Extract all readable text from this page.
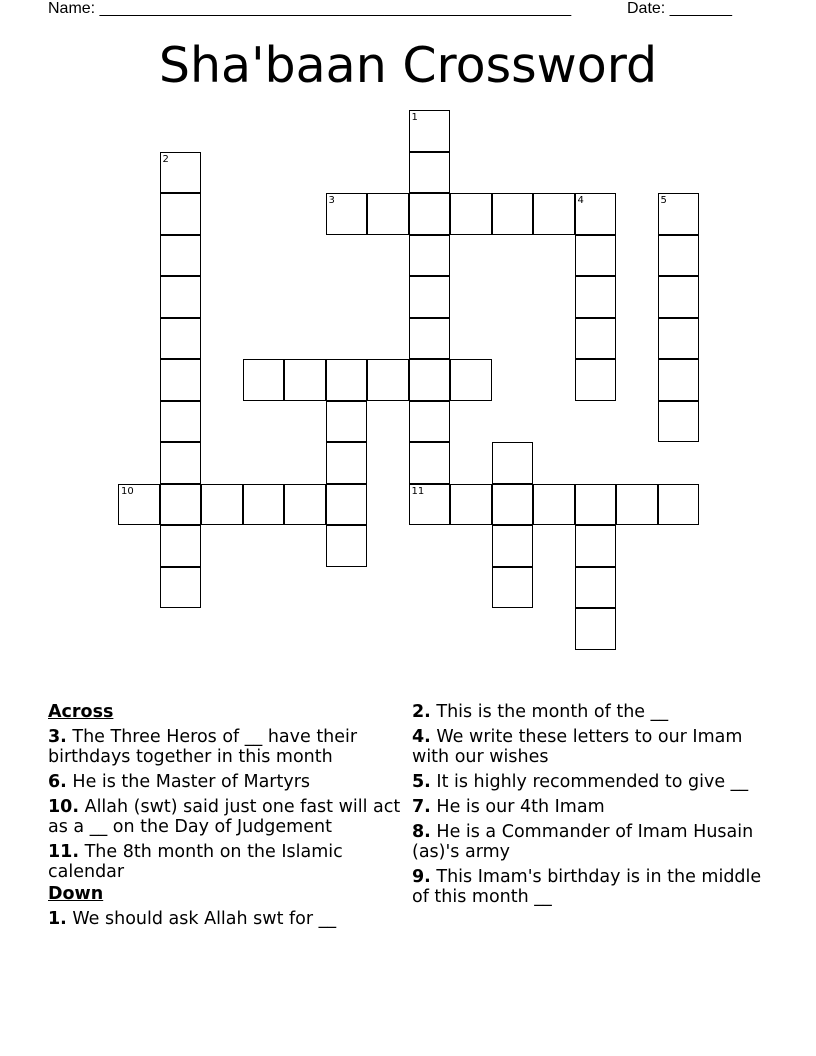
Name: _____________________________________________________	Date: _______
Sha'baan Crossword
1
11
2
3	4	5
10
Across
3. The Three Heros of __ have their birthdays together in this month
6. He is the Master of Martyrs
10. Allah (swt) said just one fast will act as a __ on the Day of Judgement
11. The 8th month on the Islamic calendar
Down
1. We should ask Allah swt for __
2. This is the month of the __
4. We write these letters to our Imam with our wishes
5. It is highly recommended to give __
7. He is our 4th Imam
8. He is a Commander of Imam Husain (as)'s army
9. This Imam's birthday is in the middle of this month __
